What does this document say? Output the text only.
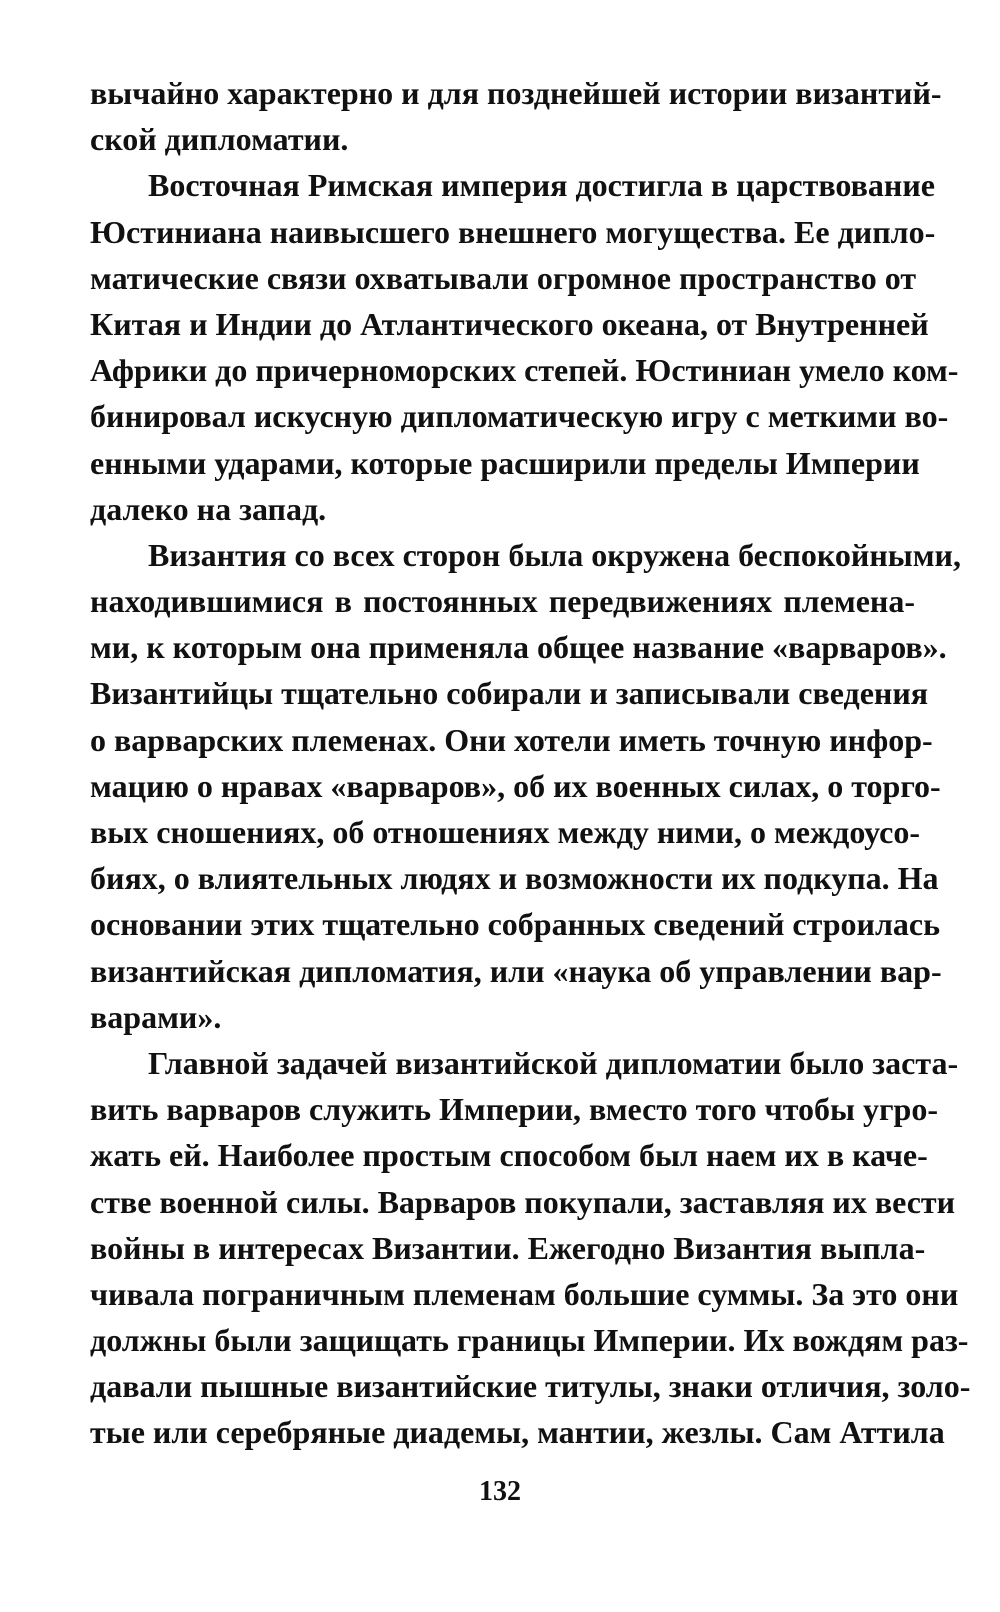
вычайно характерно и для позднейшей истории византий-
ской дипломатии.
Восточная Римская империя достигла в царствование
Юстиниана наивысшего внешнего могущества. Ее дипло-
матические связи охватывали огромное пространство от
Китая и Индии до Атлантического океана, от Внутренней
Африки до причерноморских степей. Юстиниан умело ком-
бинировал искусную дипломатическую игру с меткими во-
енными ударами, которые расширили пределы Империи
далеко на запад.
Византия со всех сторон была окружена беспокойными,
находившимися в постоянных передвижениях племена-
ми, к которым она применяла общее название «варваров».
Византийцы тщательно собирали и записывали сведения
о варварских племенах. Они хотели иметь точную инфор-
мацию о нравах «варваров», об их военных силах, о торго-
вых сношениях, об отношениях между ними, о междоусо-
биях, о влиятельных людях и возможности их подкупа. На
основании этих тщательно собранных сведений строилась
византийская дипломатия, или «наука об управлении вар-
варами».
Главной задачей византийской дипломатии было заста-
вить варваров служить Империи, вместо того чтобы угро-
жать ей. Наиболее простым способом был наем их в каче-
стве военной силы. Варваров покупали, заставляя их вести
войны в интересах Византии. Ежегодно Византия выпла-
чивала пограничным племенам большие суммы. За это они
должны были защищать границы Империи. Их вождям раз-
давали пышные византийские титулы, знаки отличия, золо-
тые или серебряные диадемы, мантии, жезлы. Сам Аттила
132
